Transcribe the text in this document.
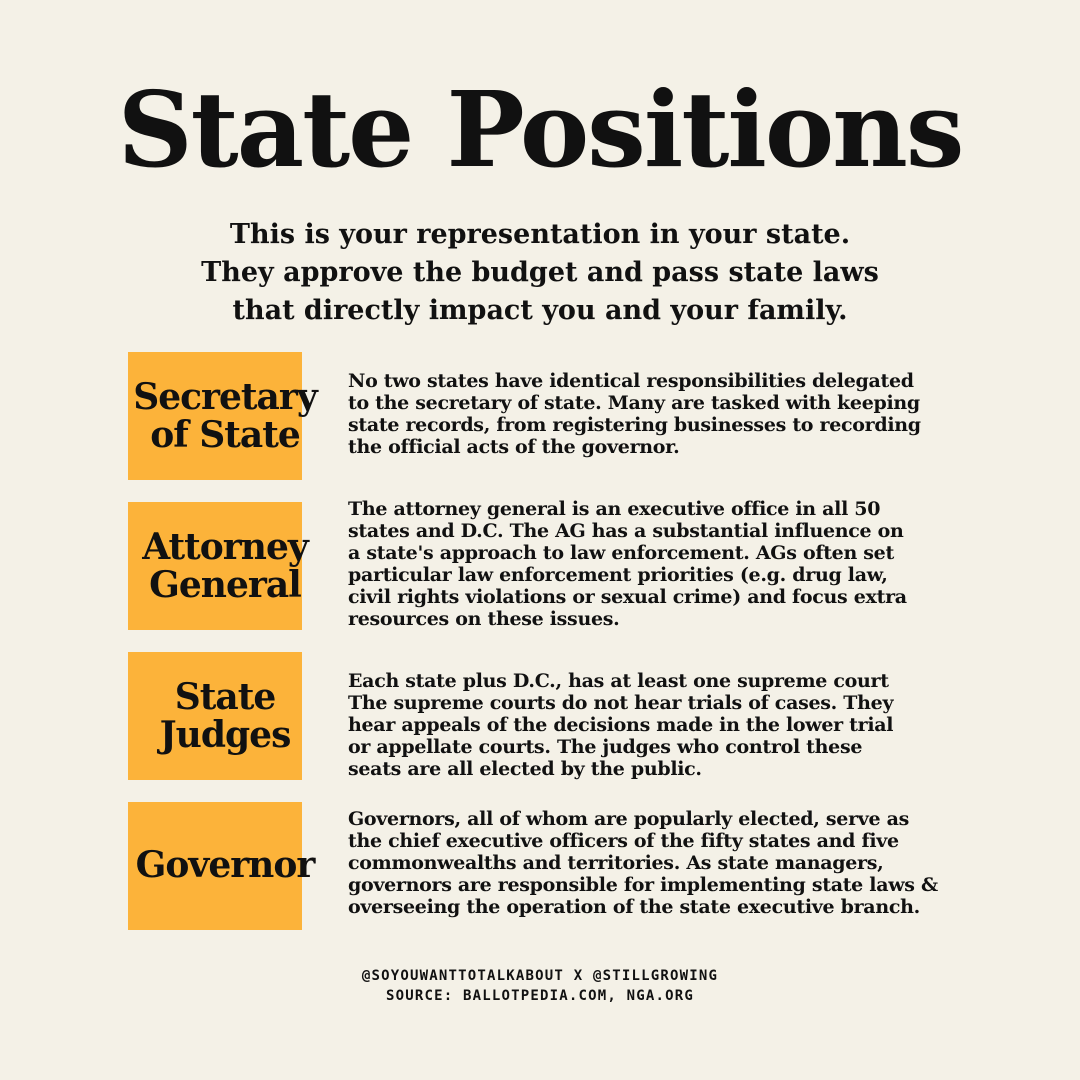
State Positions
This is your representation in your state.
They approve the budget and pass state laws
that directly impact you and your family.
Secretary
of State
No two states have identical responsibilities delegated
to the secretary of state. Many are tasked with keeping
state records, from registering businesses to recording
the official acts of the governor.
Attorney
General
The attorney general is an executive office in all 50
states and D.C. The AG has a substantial influence on
a state's approach to law enforcement. AGs often set
particular law enforcement priorities (e.g. drug law,
civil rights violations or sexual crime) and focus extra
resources on these issues.
State
Judges
Each state plus D.C., has at least one supreme court
The supreme courts do not hear trials of cases. They
hear appeals of the decisions made in the lower trial
or appellate courts. The judges who control these
seats are all elected by the public.
Governor
Governors, all of whom are popularly elected, serve as
the chief executive officers of the fifty states and five
commonwealths and territories. As state managers,
governors are responsible for implementing state laws &
overseeing the operation of the state executive branch.
@SOYOUWANTTOTALKABOUT X @STILLGROWING
SOURCE: BALLOTPEDIA.COM, NGA.ORG
